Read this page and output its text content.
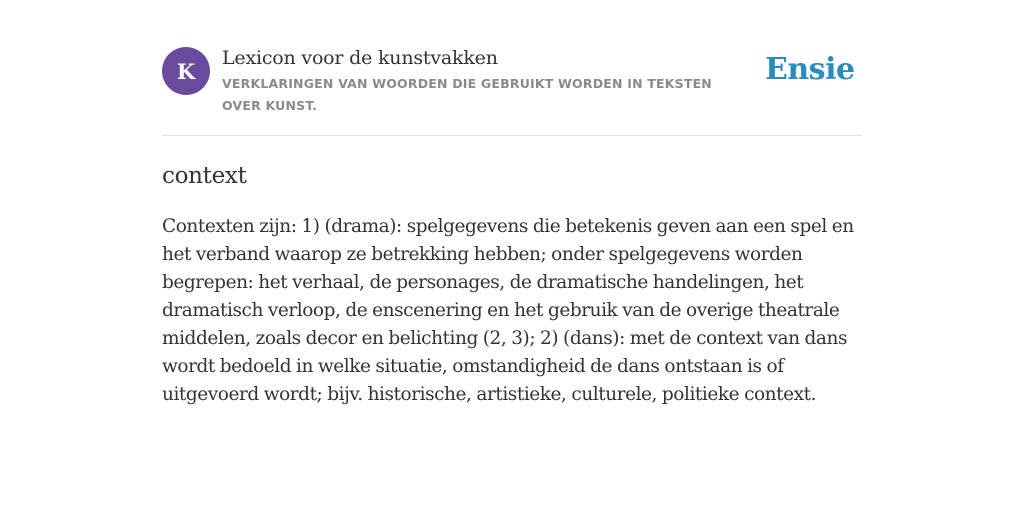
K
Lexicon voor de kunstvakken
VERKLARINGEN VAN WOORDEN DIE GEBRUIKT WORDEN IN TEKSTEN OVER KUNST.
Ensie
context
Contexten zijn: 1) (drama): spelgegevens die betekenis geven aan een spel en het verband waarop ze betrekking hebben; onder spelgegevens worden begrepen: het verhaal, de personages, de dramatische handelingen, het dramatisch verloop, de enscenering en het gebruik van de overige theatrale middelen, zoals decor en belichting (2, 3); 2) (dans): met de context van dans wordt bedoeld in welke situatie, omstandigheid de dans ontstaan is of uitgevoerd wordt; bijv. historische, artistieke, culturele, politieke context.
